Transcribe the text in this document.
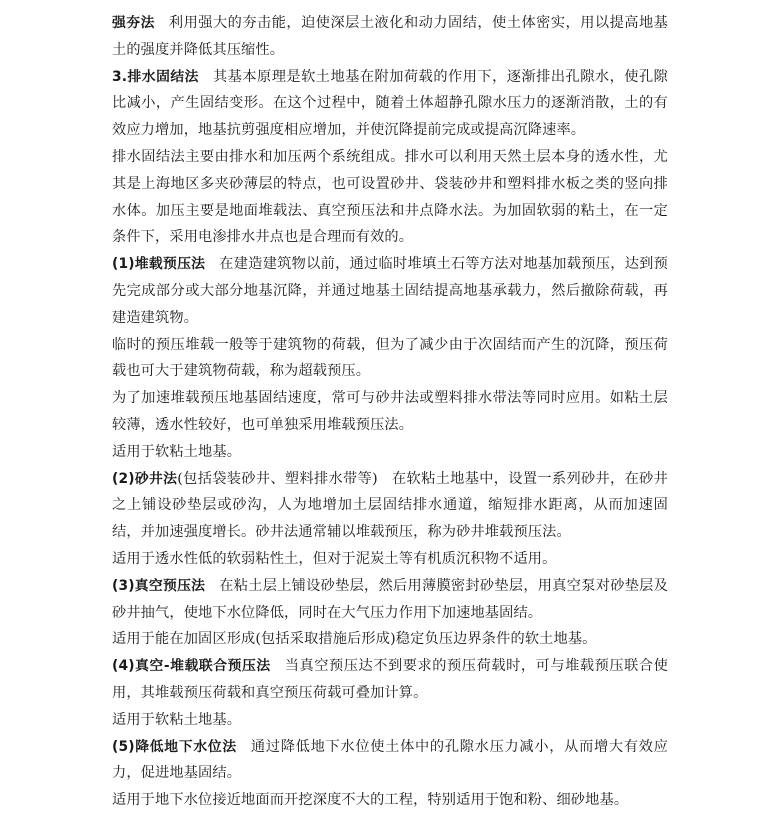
强夯法 利用强大的夯击能，迫使深层土液化和动力固结，使土体密实，用以提高地基土的强度并降低其压缩性。

3.排水固结法 其基本原理是软土地基在附加荷载的作用下，逐渐排出孔隙水，使孔隙比减小，产生固结变形。在这个过程中，随着土体超静孔隙水压力的逐渐消散，土的有效应力增加，地基抗剪强度相应增加，并使沉降提前完成或提高沉降速率。

排水固结法主要由排水和加压两个系统组成。排水可以利用天然土层本身的透水性，尤其是上海地区多夹砂薄层的特点，也可设置砂井、袋装砂井和塑料排水板之类的竖向排水体。加压主要是地面堆载法、真空预压法和井点降水法。为加固软弱的粘土，在一定条件下，采用电渗排水井点也是合理而有效的。

(1)堆载预压法 在建造建筑物以前，通过临时堆填土石等方法对地基加载预压，达到预先完成部分或大部分地基沉降，并通过地基土固结提高地基承载力，然后撤除荷载，再建造建筑物。

临时的预压堆载一般等于建筑物的荷载，但为了减少由于次固结而产生的沉降，预压荷载也可大于建筑物荷载，称为超载预压。

为了加速堆载预压地基固结速度，常可与砂井法或塑料排水带法等同时应用。如粘土层较薄，透水性较好，也可单独采用堆载预压法。

适用于软粘土地基。

(2)砂井法(包括袋装砂井、塑料排水带等) 在软粘土地基中，设置一系列砂井，在砂井之上铺设砂垫层或砂沟，人为地增加土层固结排水通道，缩短排水距离，从而加速固结，并加速强度增长。砂井法通常辅以堆载预压，称为砂井堆载预压法。

适用于透水性低的软弱粘性土，但对于泥炭土等有机质沉积物不适用。

(3)真空预压法 在粘土层上铺设砂垫层，然后用薄膜密封砂垫层，用真空泵对砂垫层及砂井抽气，使地下水位降低，同时在大气压力作用下加速地基固结。

适用于能在加固区形成(包括采取措施后形成)稳定负压边界条件的软土地基。

(4)真空-堆载联合预压法 当真空预压达不到要求的预压荷载时，可与堆载预压联合使用，其堆载预压荷载和真空预压荷载可叠加计算。

适用于软粘土地基。

(5)降低地下水位法 通过降低地下水位使土体中的孔隙水压力减小，从而增大有效应力，促进地基固结。

适用于地下水位接近地面而开挖深度不大的工程，特别适用于饱和粉、细砂地基。
